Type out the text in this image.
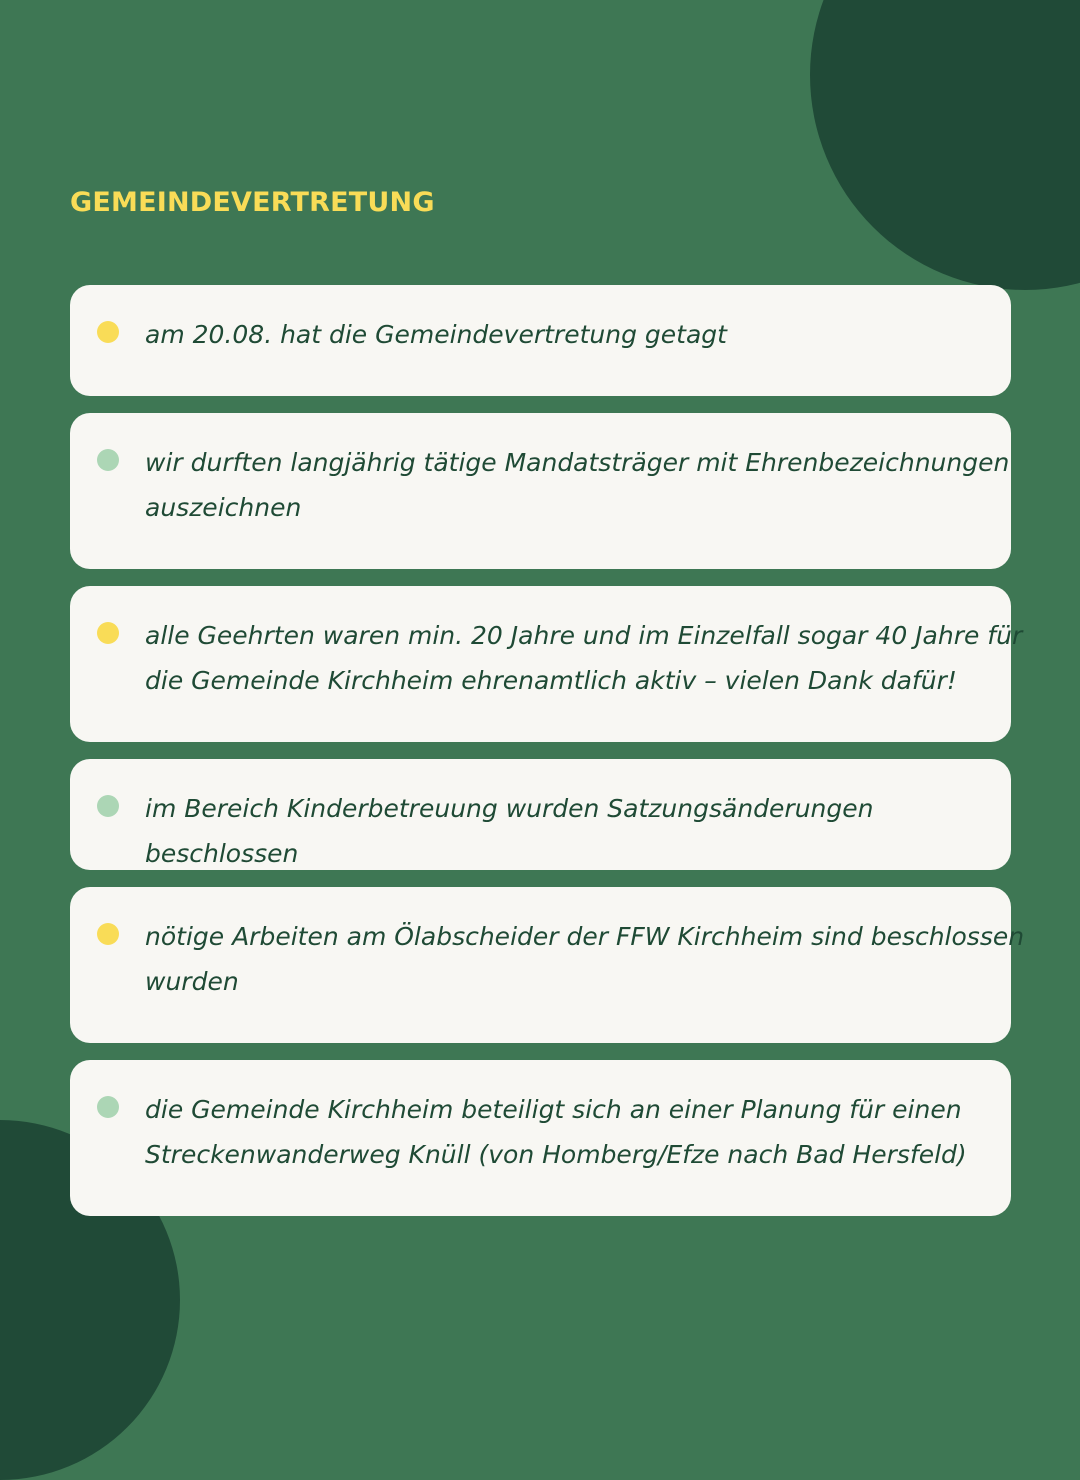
GEMEINDEVERTRETUNG

am 20.08. hat die Gemeindevertretung getagt

wir durften langjährig tätige Mandatsträger mit Ehrenbezeichnungen auszeichnen

alle Geehrten waren min. 20 Jahre und im Einzelfall sogar 40 Jahre für die Gemeinde Kirchheim ehrenamtlich aktiv – vielen Dank dafür!

im Bereich Kinderbetreuung wurden Satzungsänderungen beschlossen

nötige Arbeiten am Ölabscheider der FFW Kirchheim sind beschlossen wurden

die Gemeinde Kirchheim beteiligt sich an einer Planung für einen Streckenwanderweg Knüll (von Homberg/Efze nach Bad Hersfeld)
